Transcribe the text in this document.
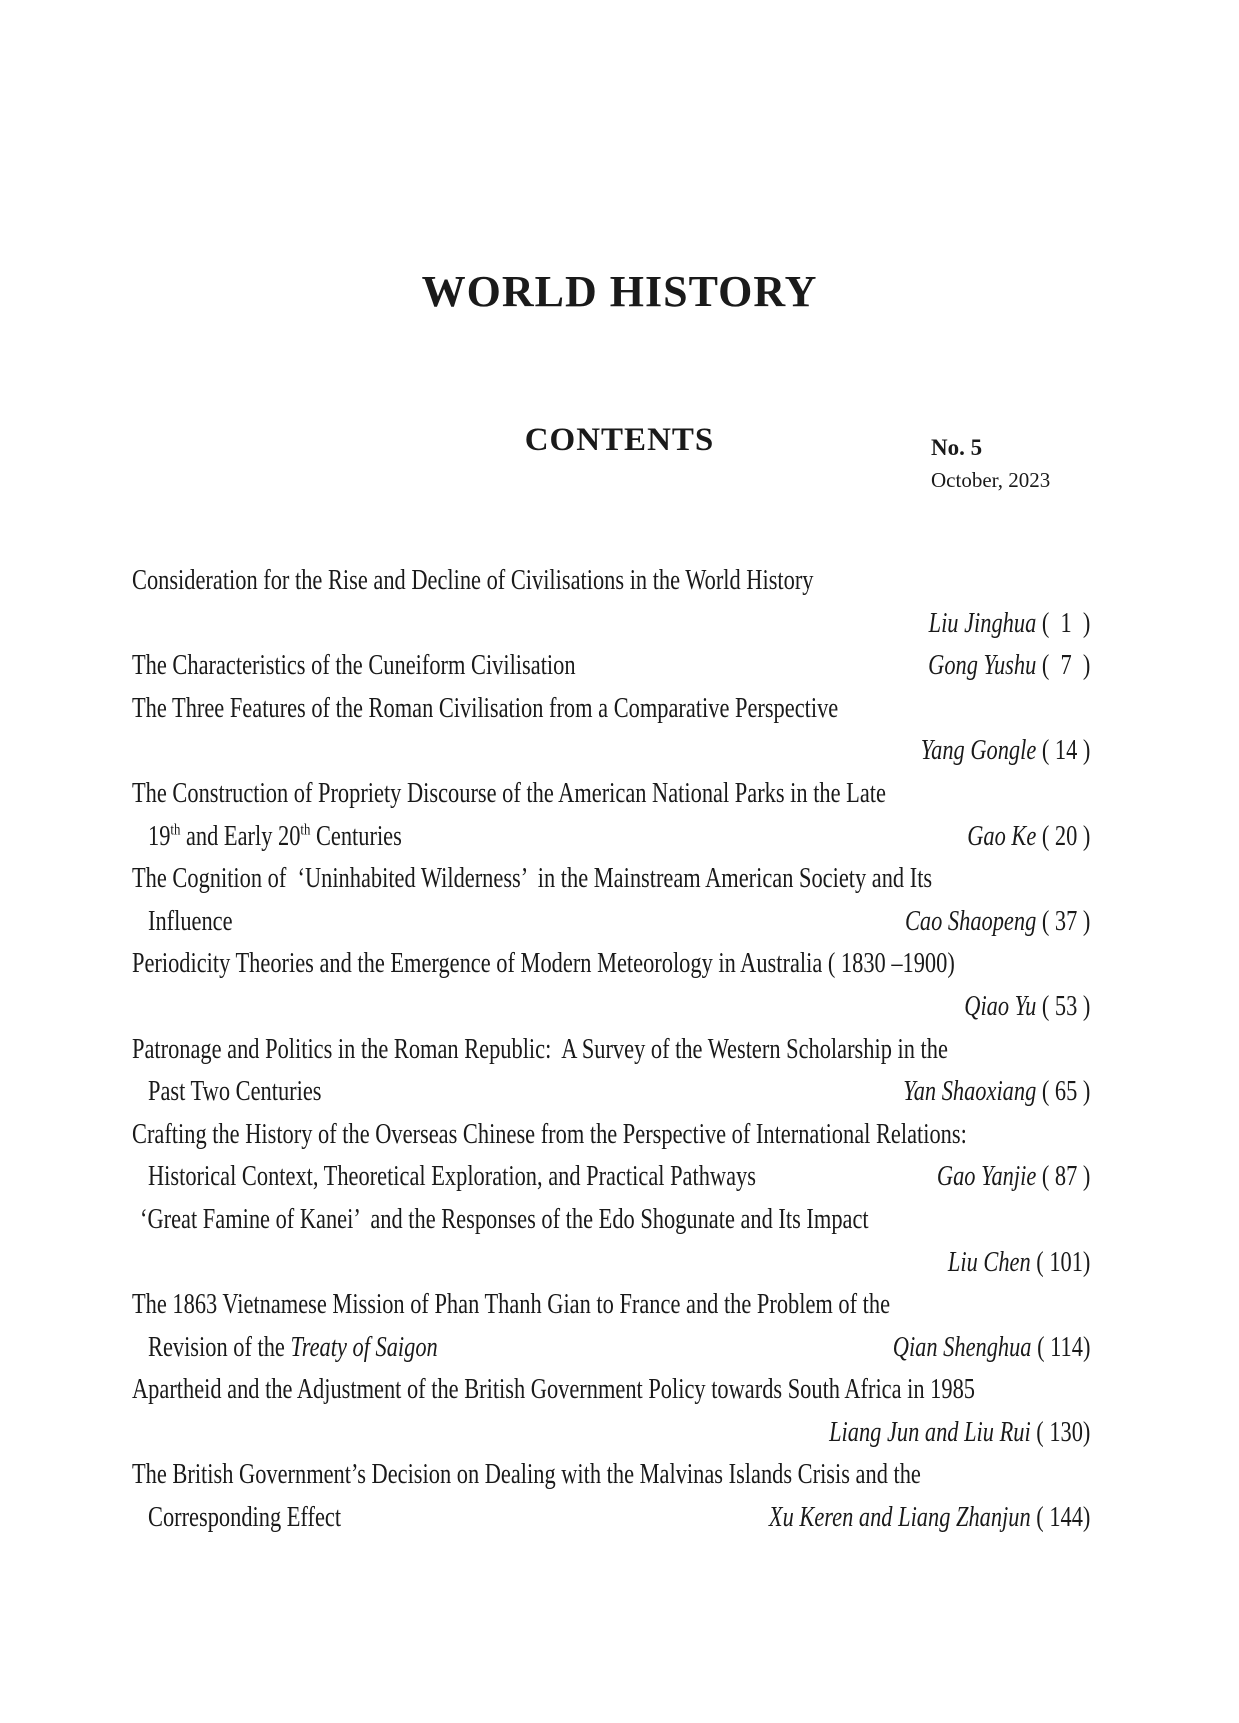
WORLD HISTORY
CONTENTS	No. 5
October, 2023
Consideration for the Rise and Decline of Civilisations in the World History
Liu Jinghua (  1  )
The Characteristics of the Cuneiform Civilisation	Gong Yushu (  7  )
The Three Features of the Roman Civilisation from a Comparative Perspective
Yang Gongle ( 14 )
The Construction of Propriety Discourse of the American National Parks in the Late
19th and Early 20th Centuries	Gao Ke ( 20 )
The Cognition of  ‘Uninhabited Wilderness’  in the Mainstream American Society and Its
Influence	Cao Shaopeng ( 37 )
Periodicity Theories and the Emergence of Modern Meteorology in Australia ( 1830 –1900)
Qiao Yu ( 53 )
Patronage and Politics in the Roman Republic:  A Survey of the Western Scholarship in the
Past Two Centuries	Yan Shaoxiang ( 65 )
Crafting the History of the Overseas Chinese from the Perspective of International Relations:
Historical Context, Theoretical Exploration, and Practical Pathways	Gao Yanjie ( 87 )
‘Great Famine of Kanei’  and the Responses of the Edo Shogunate and Its Impact
Liu Chen ( 101)
The 1863 Vietnamese Mission of Phan Thanh Gian to France and the Problem of the
Revision of the Treaty of Saigon	Qian Shenghua ( 114)
Apartheid and the Adjustment of the British Government Policy towards South Africa in 1985
Liang Jun and Liu Rui ( 130)
The British Government’s Decision on Dealing with the Malvinas Islands Crisis and the
Corresponding Effect	Xu Keren and Liang Zhanjun ( 144)
